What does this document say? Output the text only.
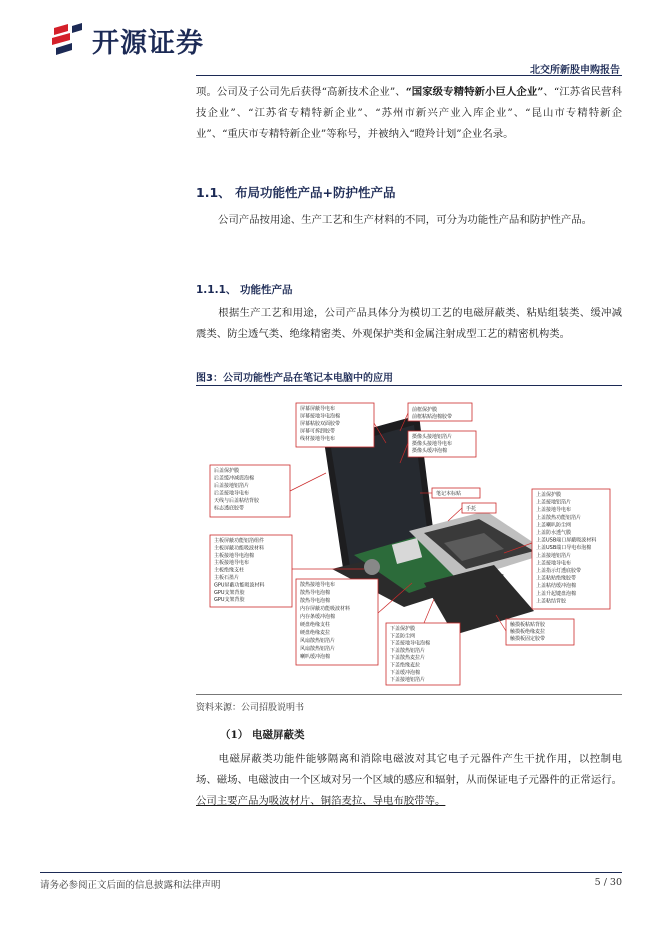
开源证券
北交所新股申购报告

项。公司及子公司先后获得“高新技术企业”、“国家级专精特新小巨人企业”、“江苏省民营科技企业”、“江苏省专精特新企业”、“苏州市新兴产业入库企业”、“昆山市专精特新企业”、“重庆市专精特新企业”等称号，并被纳入“瞪羚计划”企业名录。

1.1、 布局功能性产品+防护性产品

公司产品按用途、生产工艺和生产材料的不同，可分为功能性产品和防护性产品。

1.1.1、 功能性产品

根据生产工艺和用途，公司产品具体分为模切工艺的电磁屏蔽类、粘贴组装类、缓冲减震类、防尘透气类、绝缘精密类、外观保护类和金属注射成型工艺的精密机构类。

图3：公司功能性产品在笔记本电脑中的应用
屏幕屏蔽导电布
屏幕接地导电泡棉
屏幕粘胶双面胶带
屏幕可拆卸胶带
线材接地导电布
前框保护膜
前框粘贴泡棉胶带
摄像头接地铝箔片
摄像头接地导电布
摄像头缓冲泡棉
后盖保护膜
后盖缓冲减震泡棉
后盖接地铝箔片
后盖接地导电布
天线与后盖粘结背胶
标志透底胶带
笔记本标贴
手托
上盖保护膜
上盖接地铝箔片
上盖接地导电布
上盖散热功能铝箔片
上盖喇叭防尘网
上盖防水透气膜
上盖USB端口屏蔽吸波材料
上盖USB端口导电布泡棉
上盖接地铝箔片
上盖接地导电布
上盖指示灯透底胶带
上盖粘贴绝缘胶带
上盖粘结缓冲泡棉
上盖升起键盘泡棉
上盖粘结背胶
主板屏蔽功能铝箔组件
主板屏蔽功能吸波材料
主板接地导电泡棉
主板接地导电布
主板绝缘支柱
主板石墨片
GPU屏蔽功能吸波材料
GPU支架背胶
GPU支架背胶
散热接地导电布
散热导电泡棉
散热导电泡棉
内存屏蔽功能吸波材料
内存条缓冲泡棉
硬盘绝缘支柱
硬盘绝缘麦拉
风扇散热铝箔片
风扇散热铝箔片
喇叭缓冲泡棉
下盖保护膜
下盖防尘网
下盖接地导电泡棉
下盖散热铝箔片
下盖散热麦拉片
下盖绝缘麦拉
下盖缓冲泡棉
下盖接地铝箔片
触摸板粘贴背胶
触摸板绝缘麦拉
触摸板固定胶带
资料来源：公司招股说明书
（1） 电磁屏蔽类

电磁屏蔽类功能件能够隔离和消除电磁波对其它电子元器件产生干扰作用，以控制电场、磁场、电磁波由一个区域对另一个区域的感应和辐射，从而保证电子元器件的正常运行。公司主要产品为吸波材片、铜箔麦拉、导电布胶带等。

请务必参阅正文后面的信息披露和法律声明	5 / 30
